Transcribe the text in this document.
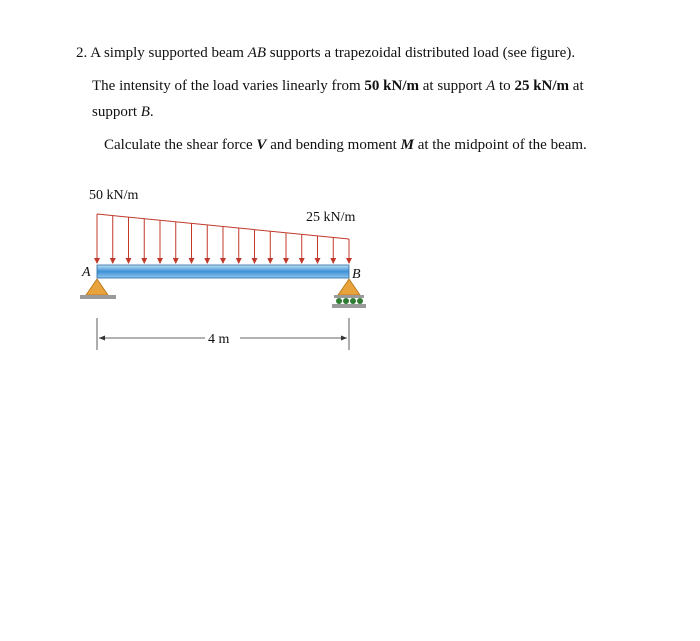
2. A simply supported beam AB supports a trapezoidal distributed load (see figure).
The intensity of the load varies linearly from 50 kN/m at support A to 25 kN/m at
support B.
Calculate the shear force V and bending moment M at the midpoint of the beam.
50 kN/m
25 kN/m
A	B
4 m
